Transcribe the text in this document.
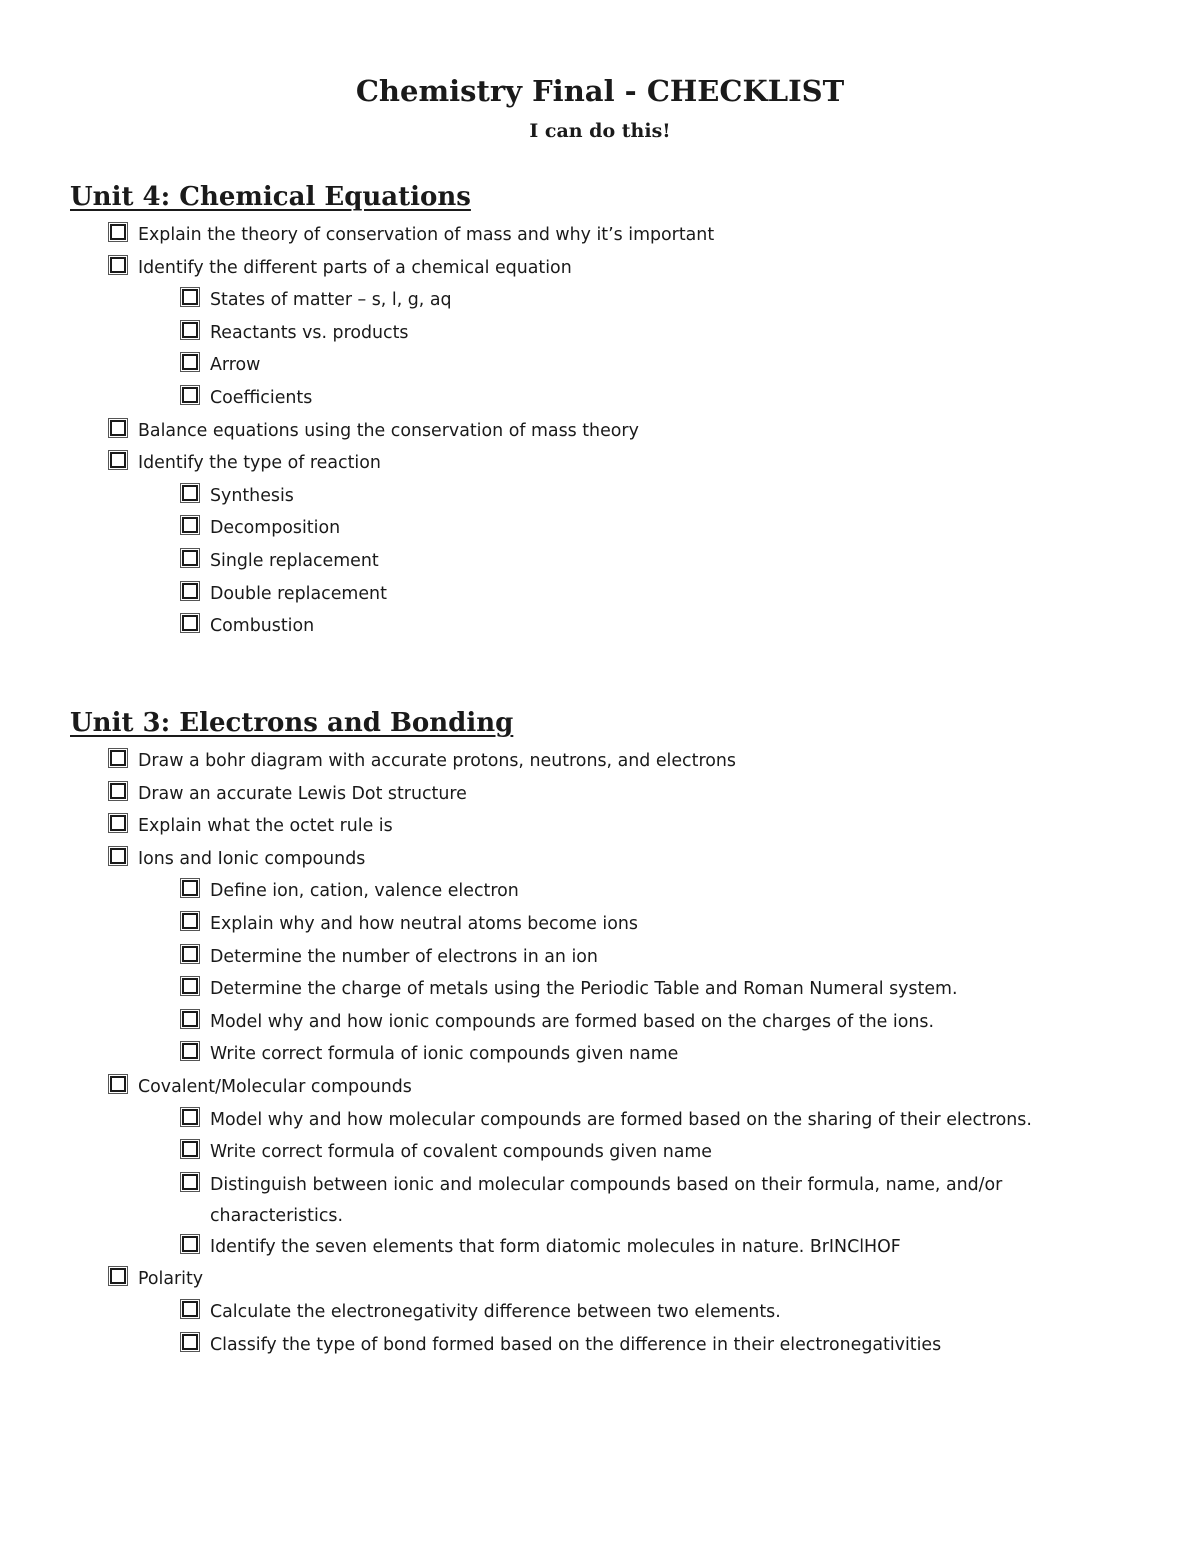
Chemistry Final - CHECKLIST
I can do this!
Unit 4: Chemical Equations
Explain the theory of conservation of mass and why it’s important
Identify the different parts of a chemical equation
States of matter – s, l, g, aq
Reactants vs. products
Arrow
Coefficients
Balance equations using the conservation of mass theory
Identify the type of reaction
Synthesis
Decomposition
Single replacement
Double replacement
Combustion
Unit 3: Electrons and Bonding
Draw a bohr diagram with accurate protons, neutrons, and electrons
Draw an accurate Lewis Dot structure
Explain what the octet rule is
Ions and Ionic compounds
Define ion, cation, valence electron
Explain why and how neutral atoms become ions
Determine the number of electrons in an ion
Determine the charge of metals using the Periodic Table and Roman Numeral system.
Model why and how ionic compounds are formed based on the charges of the ions.
Write correct formula of ionic compounds given name
Covalent/Molecular compounds
Model why and how molecular compounds are formed based on the sharing of their electrons.
Write correct formula of covalent compounds given name
Distinguish between ionic and molecular compounds based on their formula, name, and/or characteristics.
Identify the seven elements that form diatomic molecules in nature. BrINClHOF
Polarity
Calculate the electronegativity difference between two elements.
Classify the type of bond formed based on the difference in their electronegativities
